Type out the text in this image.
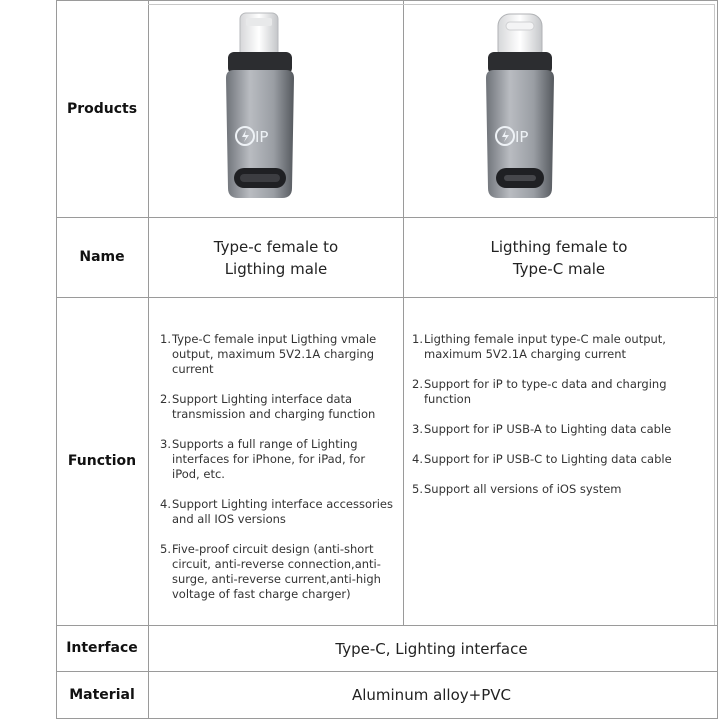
Products
Name
Function
Interface
Material
IP	IP
Type-c female to
Ligthing male
Ligthing female to
Type-C male
1. Type-C female input Ligthing vmale output, maximum 5V2.1A charging current
2. Support Lighting interface data transmission and charging function
3. Supports a full range of Lighting interfaces for iPhone, for iPad, for iPod, etc.
4. Support Lighting interface accessories and all IOS versions
5. Five-proof circuit design (anti-short circuit, anti-reverse connection,anti-surge, anti-reverse current,anti-high voltage of fast charge charger)
1. Ligthing female input type-C male output, maximum 5V2.1A charging current
2. Support for iP to type-c data and charging function
3. Support for iP USB-A to Lighting data cable
4. Support for iP USB-C to Lighting data cable
5. Support all versions of iOS system
Type-C, Lighting interface
Aluminum alloy+PVC
